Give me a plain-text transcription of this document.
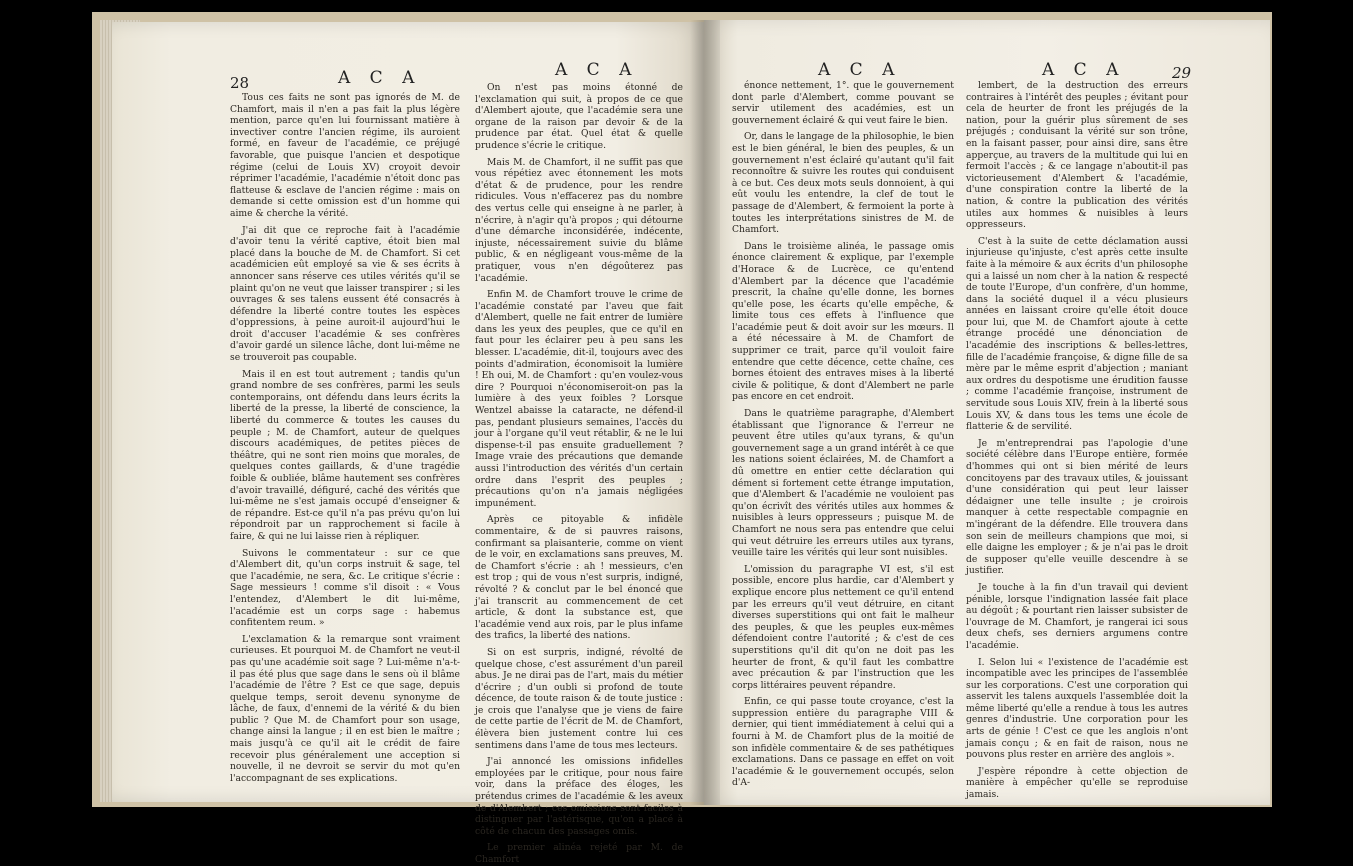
28	A C A	A C A

Tous ces faits ne sont pas ignorés de M. de Chamfort, mais il n'en a pas fait la plus légère mention, parce qu'en lui fournissant matière à invectiver contre l'ancien régime, ils auroient formé, en faveur de l'académie, ce préjugé favorable, que puisque l'ancien et despotique régime (celui de Louis XV) croyoit devoir réprimer l'académie, l'académie n'étoit donc pas flatteuse & esclave de l'ancien régime : mais on demande si cette omission est d'un homme qui aime & cherche la vérité.

J'ai dit que ce reproche fait à l'académie d'avoir tenu la vérité captive, étoit bien mal placé dans la bouche de M. de Chamfort. Si cet académicien eût employé sa vie & ses écrits à annoncer sans réserve ces utiles vérités qu'il se plaint qu'on ne veut que laisser transpirer ; si les ouvrages & ses talens eussent été consacrés à défendre la liberté contre toutes les espèces d'oppressions, à peine auroit-il aujourd'hui le droit d'accuser l'académie & ses confrères d'avoir gardé un silence lâche, dont lui-même ne se trouveroit pas coupable.

Mais il en est tout autrement ; tandis qu'un grand nombre de ses confrères, parmi les seuls contemporains, ont défendu dans leurs écrits la liberté de la presse, la liberté de conscience, la liberté du commerce & toutes les causes du peuple ; M. de Chamfort, auteur de quelques discours académiques, de petites pièces de théâtre, qui ne sont rien moins que morales, de quelques contes gaillards, & d'une tragédie foible & oubliée, blâme hautement ses confrères d'avoir travaillé, défiguré, caché des vérités que lui-même ne s'est jamais occupé d'enseigner & de répandre. Est-ce qu'il n'a pas prévu qu'on lui répondroit par un rapprochement si facile à faire, & qui ne lui laisse rien à répliquer.

Suivons le commentateur : sur ce que d'Alembert dit, qu'un corps instruit & sage, tel que l'académie, ne sera, &c. Le critique s'écrie : Sage messieurs ! comme s'il disoit : « Vous l'entendez, d'Alembert le dit lui-même, l'académie est un corps sage : habemus confitentem reum. »

L'exclamation & la remarque sont vraiment curieuses. Et pourquoi M. de Chamfort ne veut-il pas qu'une académie soit sage ? Lui-même n'a-t-il pas été plus que sage dans le sens où il blâme l'académie de l'être ? Est ce que sage, depuis quelque temps, seroit devenu synonyme de lâche, de faux, d'ennemi de la vérité & du bien public ? Que M. de Chamfort pour son usage, change ainsi la langue ; il en est bien le maître ; mais jusqu'à ce qu'il ait le crédit de faire recevoir plus généralement une acception si nouvelle, il ne devroit se servir du mot qu'en l'accompagnant de ses explications.

On n'est pas moins étonné de l'exclamation qui suit, à propos de ce que d'Alembert ajoute, que l'académie sera une organe de la raison par devoir & de la prudence par état. Quel état & quelle prudence s'écrie le critique.

Mais M. de Chamfort, il ne suffit pas que vous répétiez avec étonnement les mots d'état & de prudence, pour les rendre ridicules. Vous n'effacerez pas du nombre des vertus celle qui enseigne à ne parler, à n'écrire, à n'agir qu'à propos ; qui détourne d'une démarche inconsidérée, indécente, injuste, nécessairement suivie du blâme public, & en négligeant vous-même de la pratiquer, vous n'en dégoûterez pas l'académie.

Enfin M. de Chamfort trouve le crime de l'académie constaté par l'aveu que fait d'Alembert, quelle ne fait entrer de lumière dans les yeux des peuples, que ce qu'il en faut pour les éclairer peu à peu sans les blesser. L'académie, dit-il, toujours avec des points d'admiration, économisoit la lumière ! Eh oui, M. de Chamfort : qu'en voulez-vous dire ? Pourquoi n'économiseroit-on pas la lumière à des yeux foibles ? Lorsque Wentzel abaisse la cataracte, ne défend-il pas, pendant plusieurs semaines, l'accès du jour à l'organe qu'il veut rétablir, & ne le lui dispense-t-il pas ensuite graduellement ? Image vraie des précautions que demande aussi l'introduction des vérités d'un certain ordre dans l'esprit des peuples ; précautions qu'on n'a jamais négligées impunément.

Après ce pitoyable & infidèle commentaire, & de si pauvres raisons, confirmant sa plaisanterie, comme on vient de le voir, en exclamations sans preuves, M. de Chamfort s'écrie : ah ! messieurs, c'en est trop ; qui de vous n'est surpris, indigné, révolté ? & conclut par le bel énoncé que j'ai transcrit au commencement de cet article, & dont la substance est, que l'académie vend aux rois, par le plus infame des trafics, la liberté des nations.

Si on est surpris, indigné, révolté de quelque chose, c'est assurément d'un pareil abus. Je ne dirai pas de l'art, mais du métier d'écrire ; d'un oubli si profond de toute décence, de toute raison & de toute justice : je crois que l'analyse que je viens de faire de cette partie de l'écrit de M. de Chamfort, élèvera bien justement contre lui ces sentimens dans l'ame de tous mes lecteurs.

J'ai annoncé les omissions infidelles employées par le critique, pour nous faire voir, dans la préface des éloges, les prétendus crimes de l'académie & les aveux de d'Alembert ; ces omissions sont faciles à distinguer par l'astérisque, qu'on a placé à côté de chacun des passages omis.

Le premier alinéa rejeté par M. de Chamfort

A C A	A C A	29

énonce nettement, 1°. que le gouvernement dont parle d'Alembert, comme pouvant se servir utilement des académies, est un gouvernement éclairé & qui veut faire le bien.

Or, dans le langage de la philosophie, le bien est le bien général, le bien des peuples, & un gouvernement n'est éclairé qu'autant qu'il fait reconnoître & suivre les routes qui conduisent à ce but. Ces deux mots seuls donnoient, à qui eût voulu les entendre, la clef de tout le passage de d'Alembert, & fermoient la porte à toutes les interprétations sinistres de M. de Chamfort.

Dans le troisième alinéa, le passage omis énonce clairement & explique, par l'exemple d'Horace & de Lucrèce, ce qu'entend d'Alembert par la décence que l'académie prescrit, la chaîne qu'elle donne, les bornes qu'elle pose, les écarts qu'elle empêche, & limite tous ces effets à l'influence que l'académie peut & doit avoir sur les mœurs. Il a été nécessaire à M. de Chamfort de supprimer ce trait, parce qu'il vouloit faire entendre que cette décence, cette chaîne, ces bornes étoient des entraves mises à la liberté civile & politique, & dont d'Alembert ne parle pas encore en cet endroit.

Dans le quatrième paragraphe, d'Alembert établissant que l'ignorance & l'erreur ne peuvent être utiles qu'aux tyrans, & qu'un gouvernement sage a un grand intérêt à ce que les nations soient éclairées, M. de Chamfort a dû omettre en entier cette déclaration qui dément si fortement cette étrange imputation, que d'Alembert & l'académie ne vouloient pas qu'on écrivît des vérités utiles aux hommes & nuisibles à leurs oppresseurs ; puisque M. de Chamfort ne nous sera pas entendre que celui qui veut détruire les erreurs utiles aux tyrans, veuille taire les vérités qui leur sont nuisibles.

L'omission du paragraphe VI est, s'il est possible, encore plus hardie, car d'Alembert y explique encore plus nettement ce qu'il entend par les erreurs qu'il veut détruire, en citant diverses superstitions qui ont fait le malheur des peuples, & que les peuples eux-mêmes défendoient contre l'autorité ; & c'est de ces superstitions qu'il dit qu'on ne doit pas les heurter de front, & qu'il faut les combattre avec précaution & par l'instruction que les corps littéraires peuvent répandre.

Enfin, ce qui passe toute croyance, c'est la suppression entière du paragraphe VIII & dernier, qui tient immédiatement à celui qui a fourni à M. de Chamfort plus de la moitié de son infidèle commentaire & de ses pathétiques exclamations. Dans ce passage en effet on voit l'académie & le gouvernement occupés, selon d'A-

lembert, de la destruction des erreurs contraires à l'intérêt des peuples ; évitant pour cela de heurter de front les préjugés de la nation, pour la guérir plus sûrement de ses préjugés ; conduisant la vérité sur son trône, en la faisant passer, pour ainsi dire, sans être apperçue, au travers de la multitude qui lui en fermoit l'accès ; & ce langage n'aboutit-il pas victorieusement d'Alembert & l'académie, d'une conspiration contre la liberté de la nation, & contre la publication des vérités utiles aux hommes & nuisibles à leurs oppresseurs.

C'est à la suite de cette déclamation aussi injurieuse qu'injuste, c'est après cette insulte faite à la mémoire & aux écrits d'un philosophe qui a laissé un nom cher à la nation & respecté de toute l'Europe, d'un confrère, d'un homme, dans la société duquel il a vécu plusieurs années en laissant croire qu'elle étoit douce pour lui, que M. de Chamfort ajoute à cette étrange procédé une dénonciation de l'académie des inscriptions & belles-lettres, fille de l'académie françoise, & digne fille de sa mère par le même esprit d'abjection ; maniant aux ordres du despotisme une érudition fausse ; comme l'académie françoise, instrument de servitude sous Louis XIV, frein à la liberté sous Louis XV, & dans tous les tems une école de flatterie & de servilité.

Je m'entreprendrai pas l'apologie d'une société célèbre dans l'Europe entière, formée d'hommes qui ont si bien mérité de leurs concitoyens par des travaux utiles, & jouissant d'une considération qui peut leur laisser dédaigner une telle insulte ; je croirois manquer à cette respectable compagnie en m'ingérant de la défendre. Elle trouvera dans son sein de meilleurs champions que moi, si elle daigne les employer ; & je n'ai pas le droit de supposer qu'elle veuille descendre à se justifier.

Je touche à la fin d'un travail qui devient pénible, lorsque l'indignation lassée fait place au dégoût ; & pourtant rien laisser subsister de l'ouvrage de M. Chamfort, je rangerai ici sous deux chefs, ses derniers argumens contre l'académie.

I. Selon lui « l'existence de l'académie est incompatible avec les principes de l'assemblée sur les corporations. C'est une corporation qui asservit les talens auxquels l'assemblée doit la même liberté qu'elle a rendue à tous les autres genres d'industrie. Une corporation pour les arts de génie ! C'est ce que les anglois n'ont jamais conçu ; & en fait de raison, nous ne pouvons plus rester en arrière des anglois ».

J'espère répondre à cette objection de manière à empêcher qu'elle se reproduise jamais.
